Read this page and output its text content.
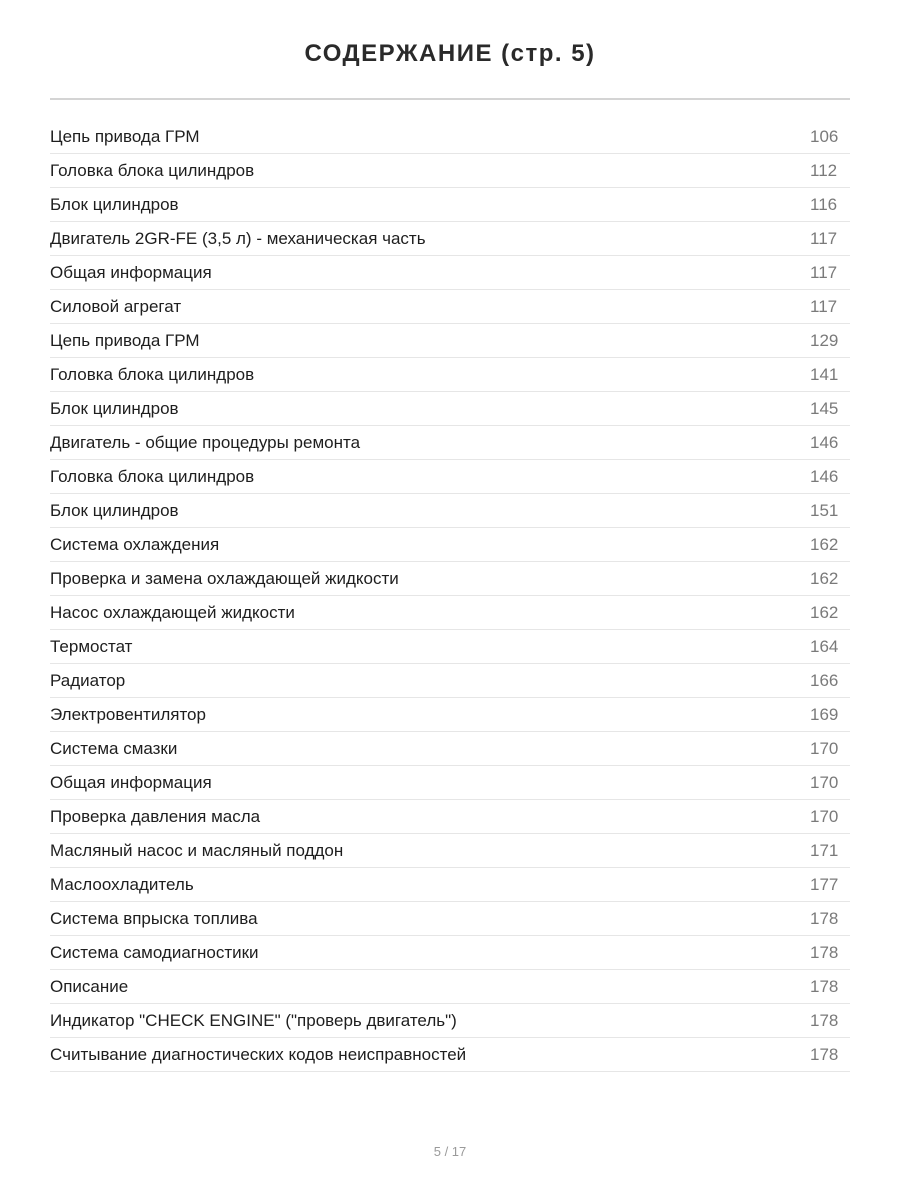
СОДЕРЖАНИЕ (стр. 5)
Цепь привода ГРМ	106
Головка блока цилиндров	112
Блок цилиндров	116
Двигатель 2GR-FE (3,5 л) - механическая часть	117
Общая информация	117
Силовой агрегат	117
Цепь привода ГРМ	129
Головка блока цилиндров	141
Блок цилиндров	145
Двигатель - общие процедуры ремонта	146
Головка блока цилиндров	146
Блок цилиндров	151
Система охлаждения	162
Проверка и замена охлаждающей жидкости	162
Насос охлаждающей жидкости	162
Термостат	164
Радиатор	166
Электровентилятор	169
Система смазки	170
Общая информация	170
Проверка давления масла	170
Масляный насос и масляный поддон	171
Маслоохладитель	177
Система впрыска топлива	178
Система самодиагностики	178
Описание	178
Индикатор "CHECK ENGINE" ("проверь двигатель")	178
Считывание диагностических кодов неисправностей	178
5 / 17
